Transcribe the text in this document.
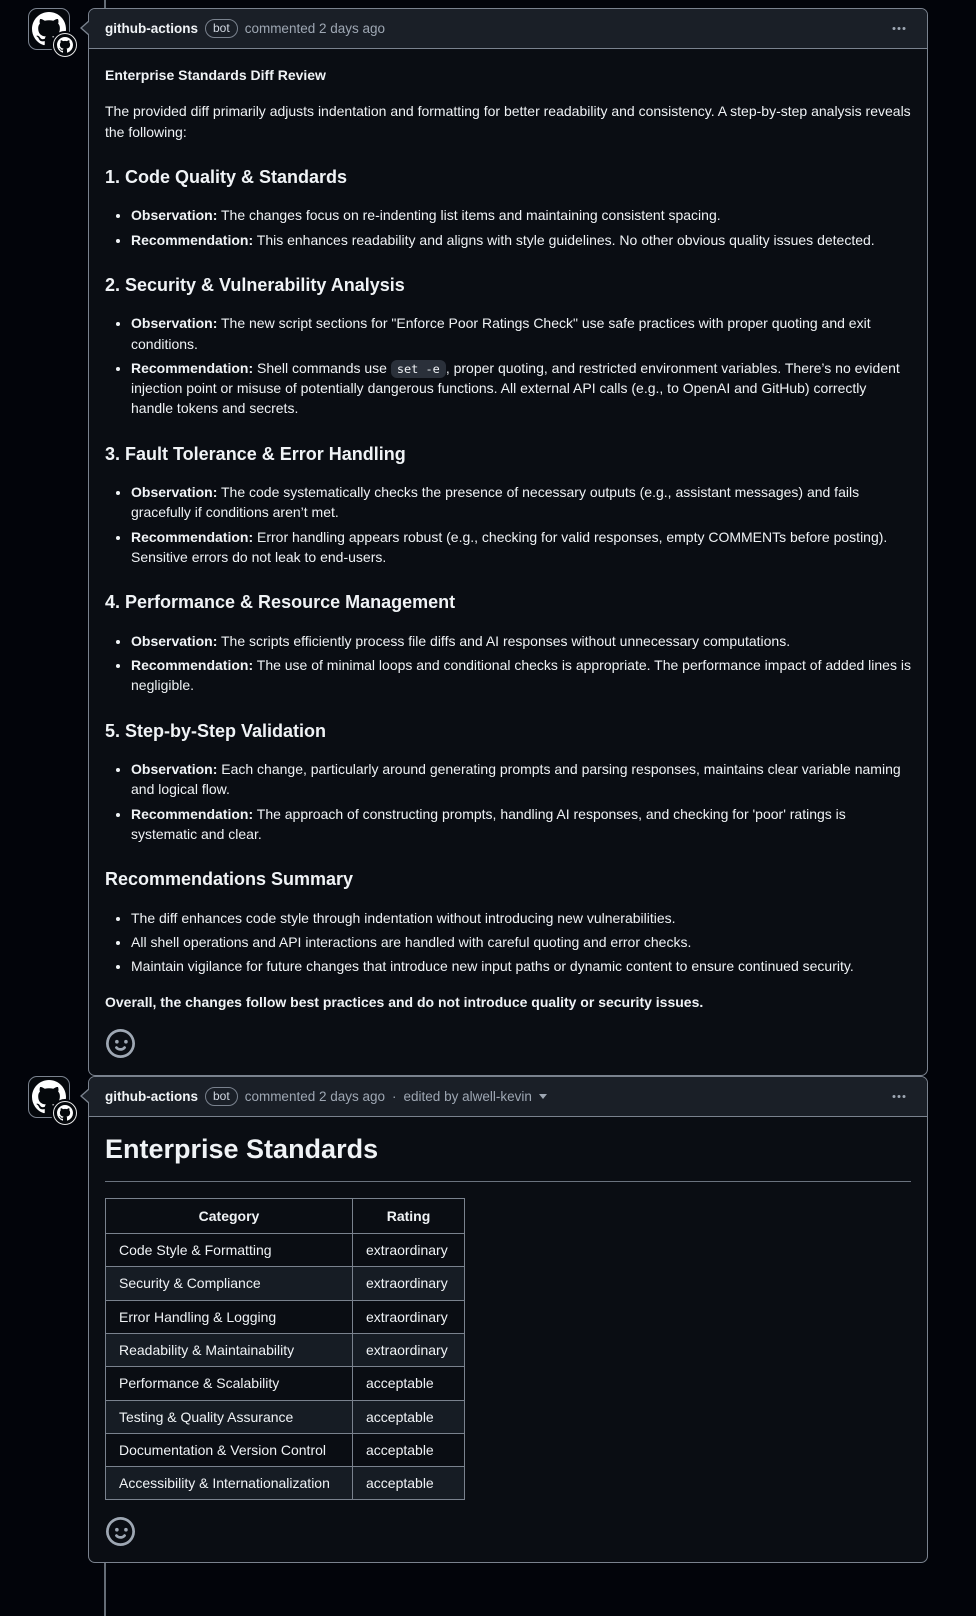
github-actions	bot	commented 2 days ago

Enterprise Standards Diff Review

The provided diff primarily adjusts indentation and formatting for better readability and consistency. A step-by-step analysis reveals the following:

1. Code Quality & Standards
• Observation: The changes focus on re-indenting list items and maintaining consistent spacing.
• Recommendation: This enhances readability and aligns with style guidelines. No other obvious quality issues detected.
2. Security & Vulnerability Analysis
• Observation: The new script sections for "Enforce Poor Ratings Check" use safe practices with proper quoting and exit conditions.
• Recommendation: Shell commands use set -e , proper quoting, and restricted environment variables. There’s no evident injection point or misuse of potentially dangerous functions. All external API calls (e.g., to OpenAI and GitHub) correctly handle tokens and secrets.
3. Fault Tolerance & Error Handling
• Observation: The code systematically checks the presence of necessary outputs (e.g., assistant messages) and fails gracefully if conditions aren’t met.
• Recommendation: Error handling appears robust (e.g., checking for valid responses, empty COMMENTs before posting). Sensitive errors do not leak to end-users.
4. Performance & Resource Management
• Observation: The scripts efficiently process file diffs and AI responses without unnecessary computations.
• Recommendation: The use of minimal loops and conditional checks is appropriate. The performance impact of added lines is negligible.
5. Step-by-Step Validation
• Observation: Each change, particularly around generating prompts and parsing responses, maintains clear variable naming and logical flow.
• Recommendation: The approach of constructing prompts, handling AI responses, and checking for 'poor' ratings is systematic and clear.
Recommendations Summary
• The diff enhances code style through indentation without introducing new vulnerabilities.
• All shell operations and API interactions are handled with careful quoting and error checks.
• Maintain vigilance for future changes that introduce new input paths or dynamic content to ensure continued security.

Overall, the changes follow best practices and do not introduce quality or security issues.

github-actions	bot	commented 2 days ago · edited by alwell-kevin
Enterprise Standards
Category	Rating
Code Style & Formatting	extraordinary
Security & Compliance	extraordinary
Error Handling & Logging	extraordinary
Readability & Maintainability	extraordinary
Performance & Scalability	acceptable
Testing & Quality Assurance	acceptable
Documentation & Version Control	acceptable
Accessibility & Internationalization	acceptable
